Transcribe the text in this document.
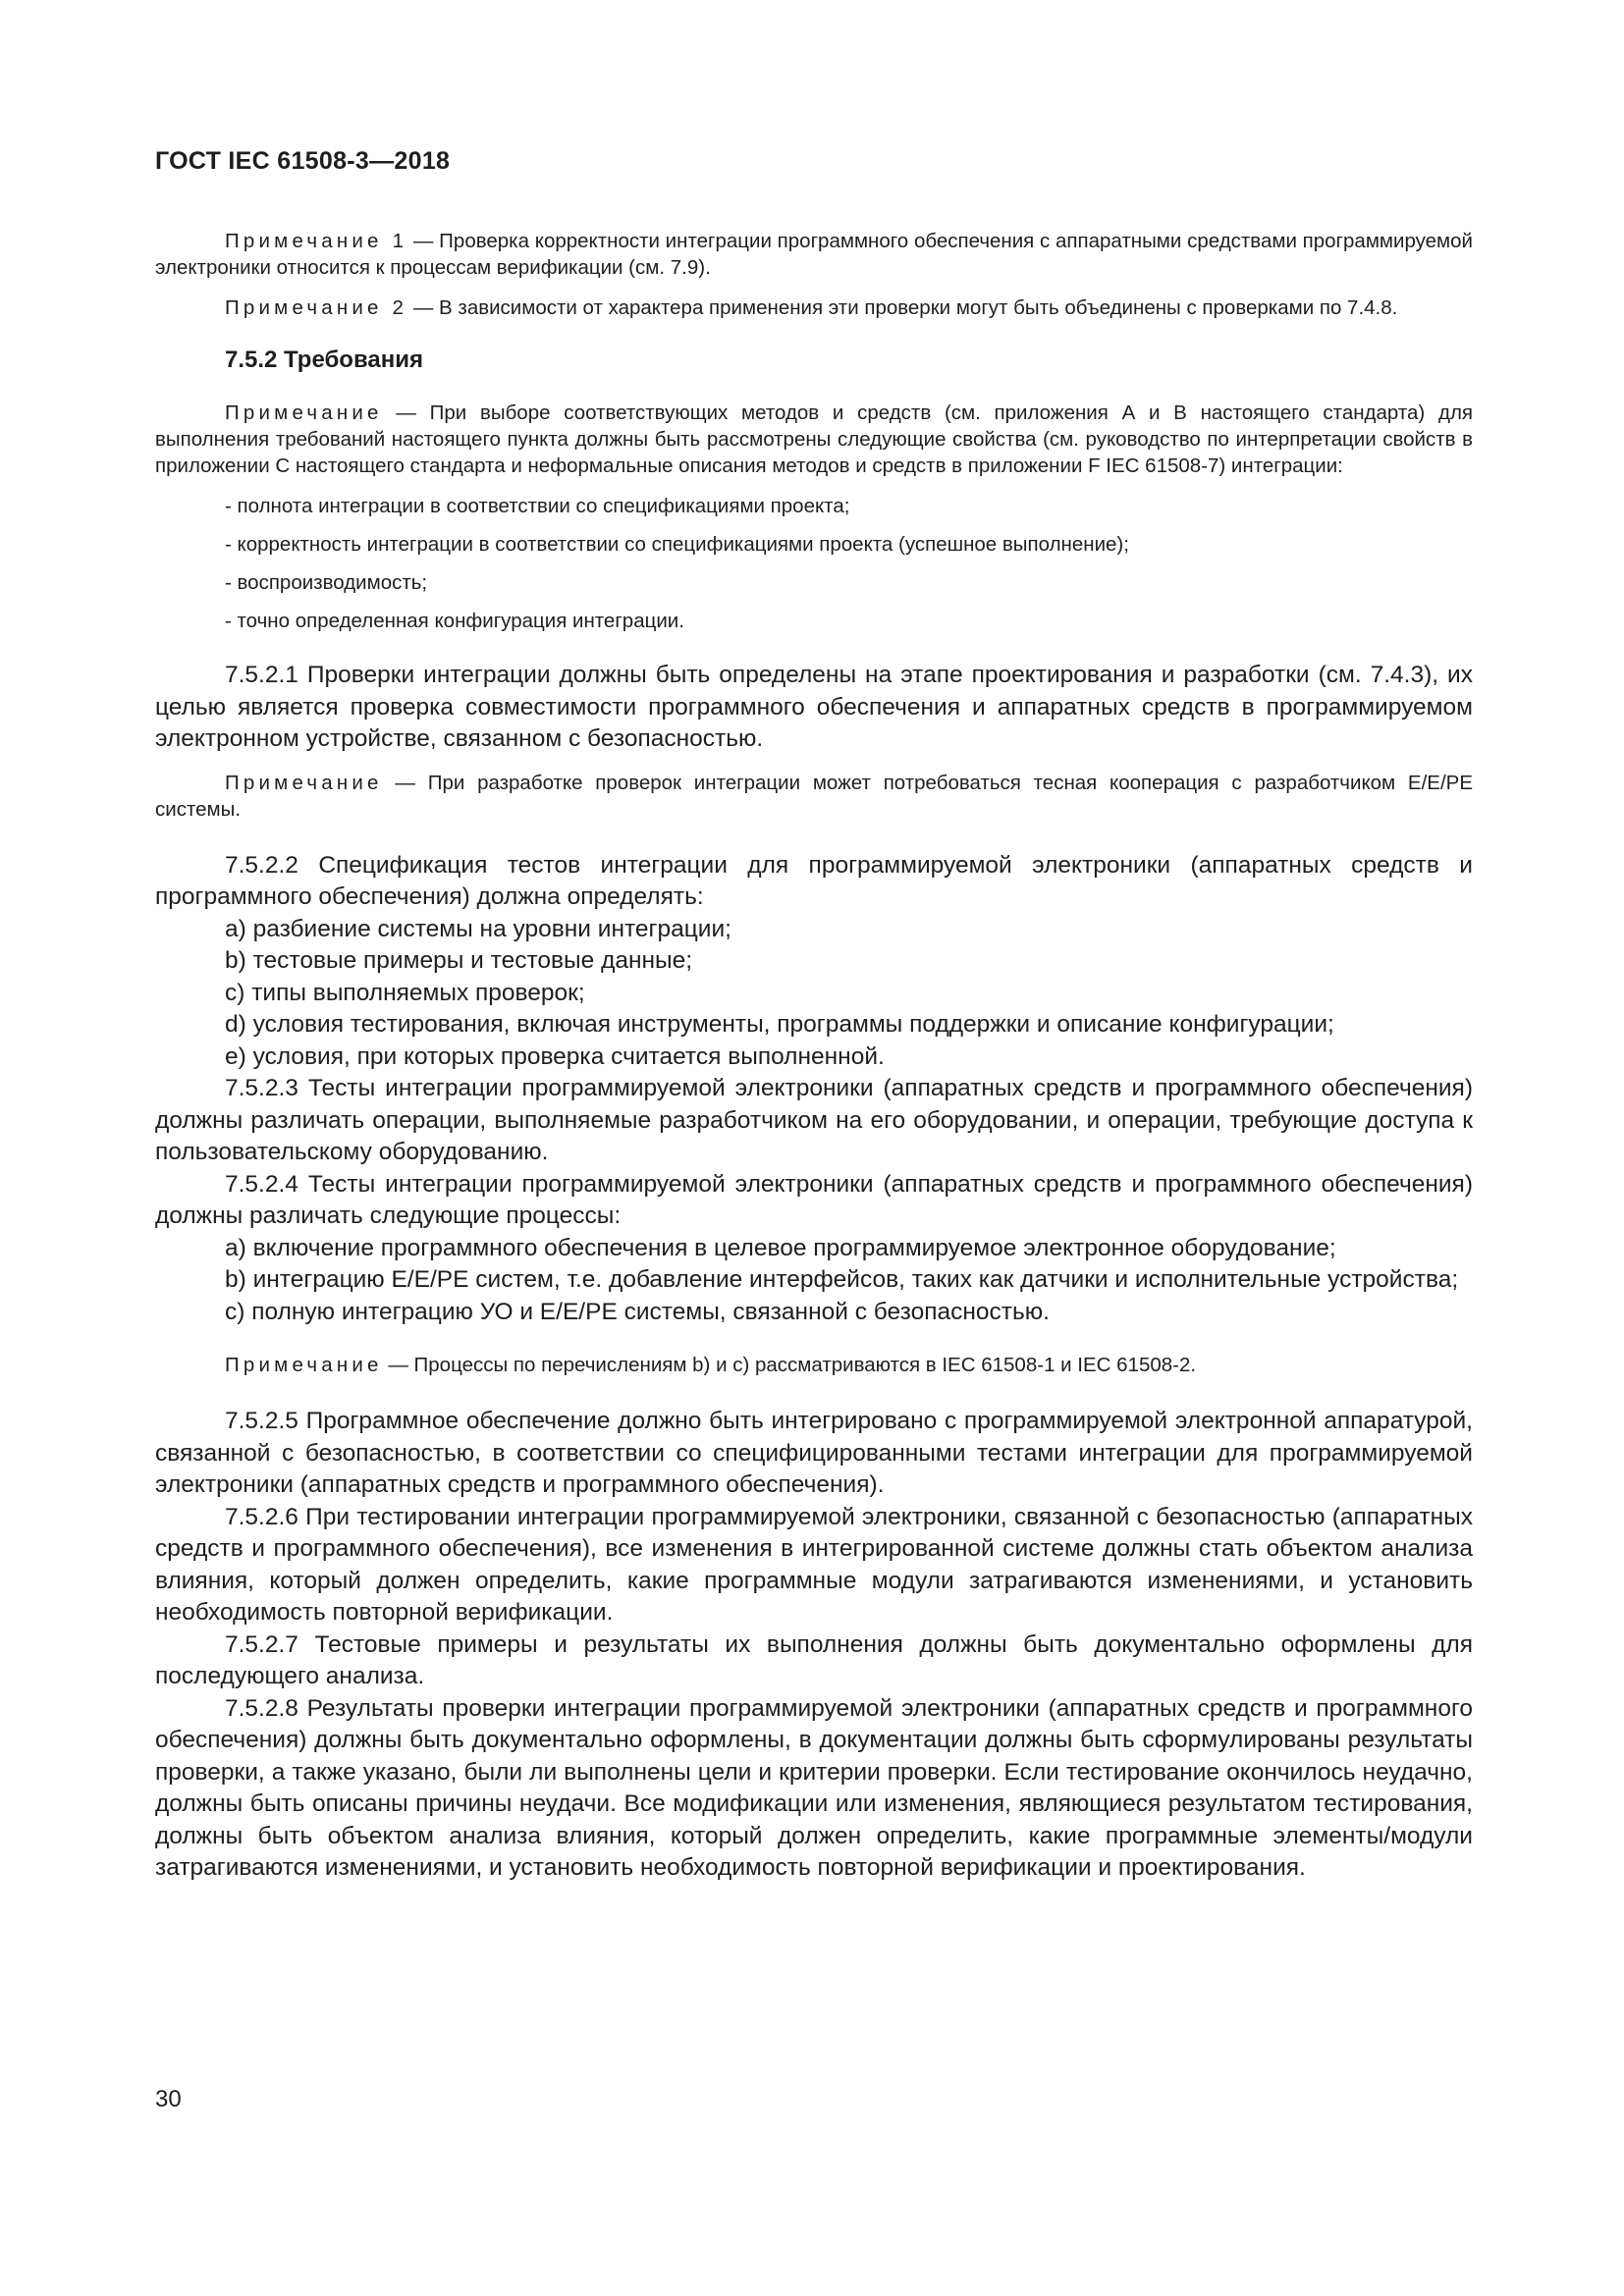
ГОСТ IEC 61508-3—2018

Примечание 1 — Проверка корректности интеграции программного обеспечения с аппаратными средствами программируемой электроники относится к процессам верификации (см. 7.9).

Примечание 2 — В зависимости от характера применения эти проверки могут быть объединены с проверками по 7.4.8.

7.5.2 Требования

Примечание — При выборе соответствующих методов и средств (см. приложения А и В настоящего стандарта) для выполнения требований настоящего пункта должны быть рассмотрены следующие свойства (см. руководство по интерпретации свойств в приложении С настоящего стандарта и неформальные описания методов и средств в приложении F IEC 61508-7) интеграции:

- полнота интеграции в соответствии со спецификациями проекта;
- корректность интеграции в соответствии со спецификациями проекта (успешное выполнение);
- воспроизводимость;
- точно определенная конфигурация интеграции.

7.5.2.1 Проверки интеграции должны быть определены на этапе проектирования и разработки (см. 7.4.3), их целью является проверка совместимости программного обеспечения и аппаратных средств в программируемом электронном устройстве, связанном с безопасностью.

Примечание — При разработке проверок интеграции может потребоваться тесная кооперация с разработчиком E/E/PE системы.

7.5.2.2 Спецификация тестов интеграции для программируемой электроники (аппаратных средств и программного обеспечения) должна определять:

a) разбиение системы на уровни интеграции;

b) тестовые примеры и тестовые данные;

c) типы выполняемых проверок;

d) условия тестирования, включая инструменты, программы поддержки и описание конфигурации;

e) условия, при которых проверка считается выполненной.

7.5.2.3 Тесты интеграции программируемой электроники (аппаратных средств и программного обеспечения) должны различать операции, выполняемые разработчиком на его оборудовании, и операции, требующие доступа к пользовательскому оборудованию.

7.5.2.4 Тесты интеграции программируемой электроники (аппаратных средств и программного обеспечения) должны различать следующие процессы:

a) включение программного обеспечения в целевое программируемое электронное оборудование;

b) интеграцию E/E/PE систем, т.е. добавление интерфейсов, таких как датчики и исполнительные устройства;

c) полную интеграцию УО и E/E/PE системы, связанной с безопасностью.

Примечание — Процессы по перечислениям b) и c) рассматриваются в IEC 61508-1 и IEC 61508-2.

7.5.2.5 Программное обеспечение должно быть интегрировано с программируемой электронной аппаратурой, связанной с безопасностью, в соответствии со специфицированными тестами интеграции для программируемой электроники (аппаратных средств и программного обеспечения).

7.5.2.6 При тестировании интеграции программируемой электроники, связанной с безопасностью (аппаратных средств и программного обеспечения), все изменения в интегрированной системе должны стать объектом анализа влияния, который должен определить, какие программные модули затрагиваются изменениями, и установить необходимость повторной верификации.

7.5.2.7 Тестовые примеры и результаты их выполнения должны быть документально оформлены для последующего анализа.

7.5.2.8 Результаты проверки интеграции программируемой электроники (аппаратных средств и программного обеспечения) должны быть документально оформлены, в документации должны быть сформулированы результаты проверки, а также указано, были ли выполнены цели и критерии проверки. Если тестирование окончилось неудачно, должны быть описаны причины неудачи. Все модификации или изменения, являющиеся результатом тестирования, должны быть объектом анализа влияния, который должен определить, какие программные элементы/модули затрагиваются изменениями, и установить необходимость повторной верификации и проектирования.

30
